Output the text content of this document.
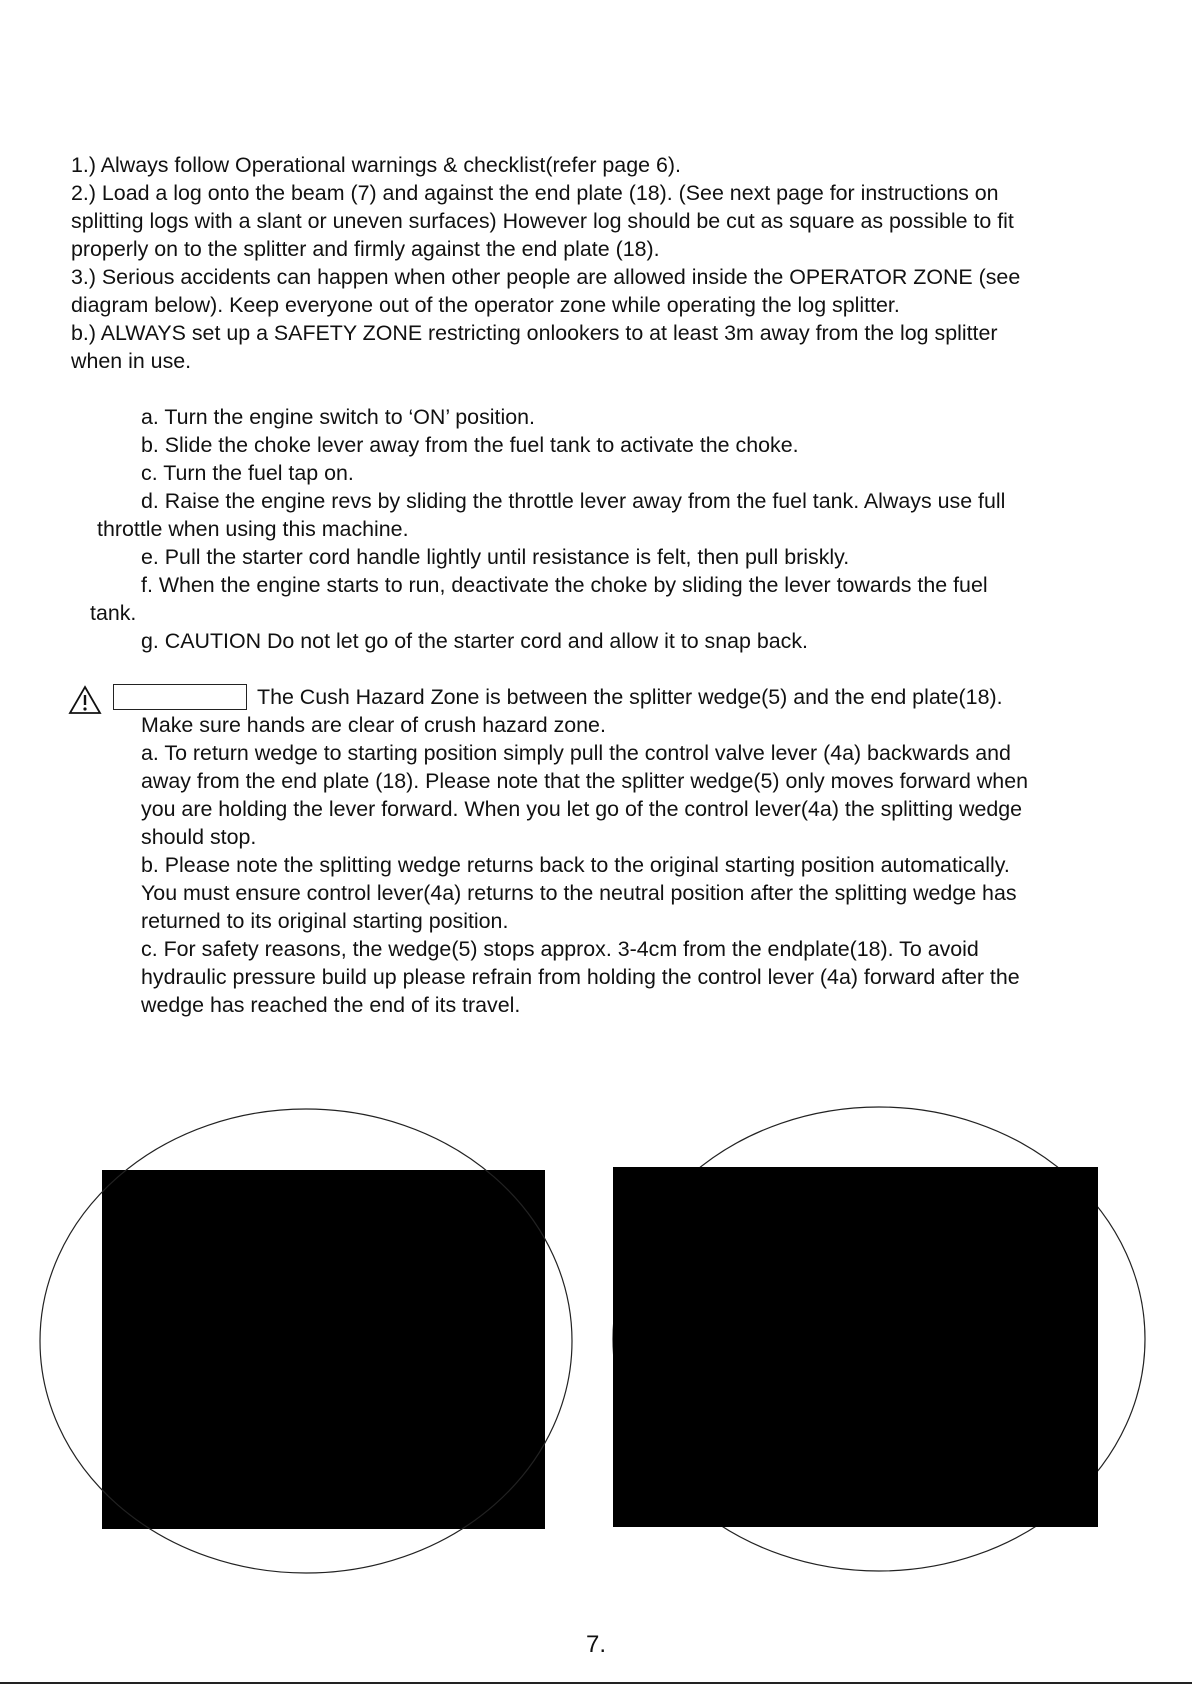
1.) Always follow Operational warnings & checklist(refer page 6).
2.) Load a log onto the beam (7) and against the end plate (18). (See next page for instructions on
splitting logs with a slant or uneven surfaces) However log should be cut as square as possible to fit
properly on to the splitter and firmly against the end plate (18).
3.) Serious accidents can happen when other people are allowed inside the OPERATOR ZONE (see
diagram below). Keep everyone out of the operator zone while operating the log splitter.
b.) ALWAYS set up a SAFETY ZONE restricting onlookers to at least 3m away from the log splitter
when in use.
a. Turn the engine switch to ‘ON’ position.
b. Slide the choke lever away from the fuel tank to activate the choke.
c. Turn the fuel tap on.
d. Raise the engine revs by sliding the throttle lever away from the fuel tank. Always use full
throttle when using this machine.
e. Pull the starter cord handle lightly until resistance is felt, then pull briskly.
f. When the engine starts to run, deactivate the choke by sliding the lever towards the fuel
tank.
g. CAUTION Do not let go of the starter cord and allow it to snap back.
The Cush Hazard Zone is between the splitter wedge(5) and the end plate(18).
Make sure hands are clear of crush hazard zone.
a. To return wedge to starting position simply pull the control valve lever (4a) backwards and
away from the end plate (18). Please note that the splitter wedge(5) only moves forward when
you are holding the lever forward. When you let go of the control lever(4a) the splitting wedge
should stop.
b. Please note the splitting wedge returns back to the original starting position automatically.
You must ensure control lever(4a) returns to the neutral position after the splitting wedge has
returned to its original starting position.
c. For safety reasons, the wedge(5) stops approx. 3-4cm from the endplate(18). To avoid
hydraulic pressure build up please refrain from holding the control lever (4a) forward after the
wedge has reached the end of its travel.
7.
